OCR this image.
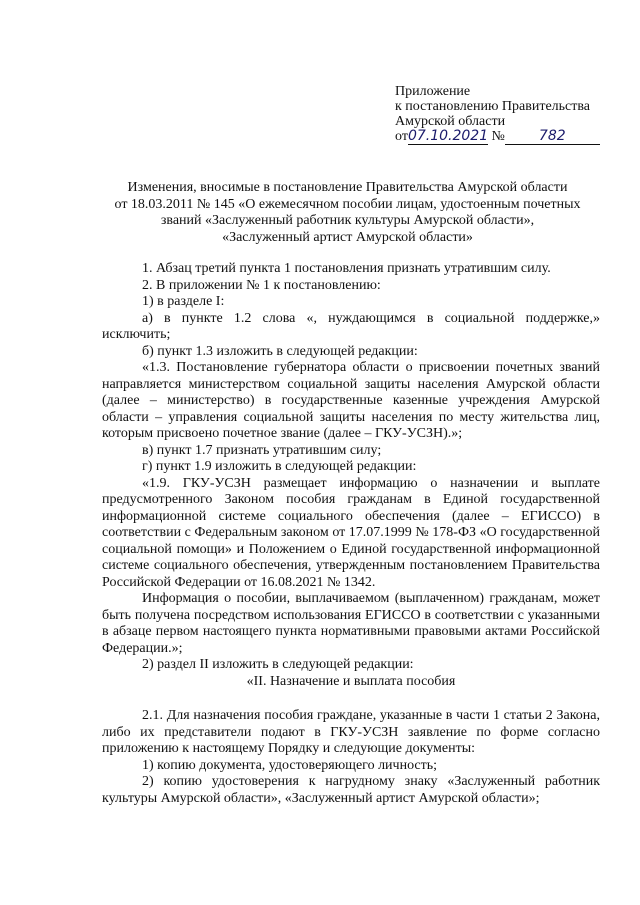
Приложение
к постановлению Правительства
Амурской области
от07.10.2021 № 782
Изменения, вносимые в постановление Правительства Амурской области
от 18.03.2011 № 145 «О ежемесячном пособии лицам, удостоенным почетных
званий «Заслуженный работник культуры Амурской области»,
«Заслуженный артист Амурской области»

1. Абзац третий пункта 1 постановления признать утратившим силу.

2. В приложении № 1 к постановлению:

1) в разделе I:

а) в пункте 1.2 слова «, нуждающимся в социальной поддержке,» исключить;

б) пункт 1.3 изложить в следующей редакции:

«1.3. Постановление губернатора области о присвоении почетных званий направляется министерством социальной защиты населения Амурской области (далее – министерство) в государственные казенные учреждения Амурской области – управления социальной защиты населения по месту жительства лиц, которым присвоено почетное звание (далее – ГКУ-УСЗН).»;

в) пункт 1.7 признать утратившим силу;

г) пункт 1.9 изложить в следующей редакции:

«1.9. ГКУ-УСЗН размещает информацию о назначении и выплате предусмотренного Законом пособия гражданам в Единой государственной информационной системе социального обеспечения (далее – ЕГИССО) в соответствии с Федеральным законом от 17.07.1999 № 178-ФЗ «О государственной социальной помощи» и Положением о Единой государственной информационной системе социального обеспечения, утвержденным постановлением Правительства Российской Федерации от 16.08.2021 № 1342.

Информация о пособии, выплачиваемом (выплаченном) гражданам, может быть получена посредством использования ЕГИССО в соответствии с указанными в абзаце первом настоящего пункта нормативными правовыми актами Российской Федерации.»;

2) раздел II изложить в следующей редакции:

«II. Назначение и выплата пособия

2.1. Для назначения пособия граждане, указанные в части 1 статьи 2 Закона, либо их представители подают в ГКУ-УСЗН заявление по форме согласно приложению к настоящему Порядку и следующие документы:

1) копию документа, удостоверяющего личность;

2) копию удостоверения к нагрудному знаку «Заслуженный работник культуры Амурской области», «Заслуженный артист Амурской области»;
